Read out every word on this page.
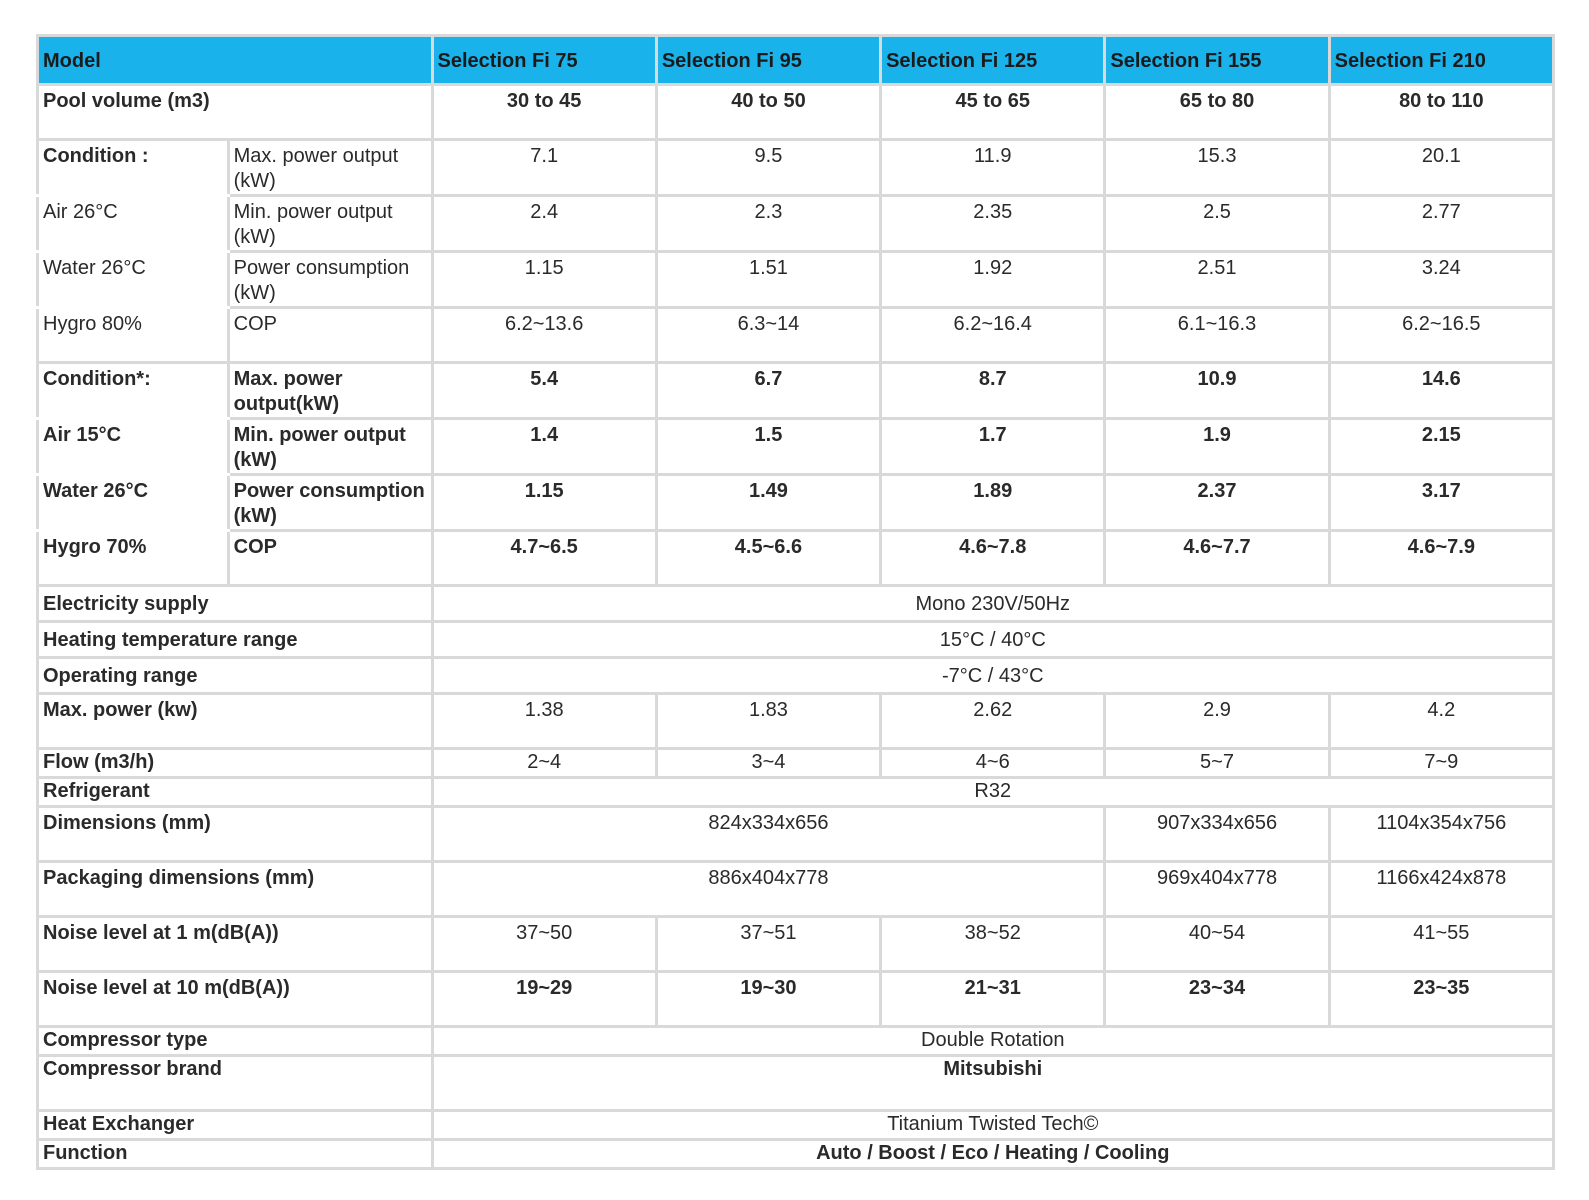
Model		Selection Fi 75	Selection Fi 95	Selection Fi 125	Selection Fi 155	Selection Fi 210
Pool volume (m3)		30 to 45	40 to 50	45 to 65	65 to 80	80 to 110
Condition :	Max. power output (kW)	7.1	9.5	11.9	15.3	20.1
Air 26°C	Min. power output (kW)	2.4	2.3	2.35	2.5	2.77
Water 26°C	Power consumption (kW)	1.15	1.51	1.92	2.51	3.24
Hygro 80%	COP	6.2~13.6	6.3~14	6.2~16.4	6.1~16.3	6.2~16.5
Condition*:	Max. power output(kW)	5.4	6.7	8.7	10.9	14.6
Air 15°C	Min. power output (kW)	1.4	1.5	1.7	1.9	2.15
Water 26°C	Power consumption (kW)	1.15	1.49	1.89	2.37	3.17
Hygro 70%	COP	4.7~6.5	4.5~6.6	4.6~7.8	4.6~7.7	4.6~7.9
Electricity supply		Mono 230V/50Hz				
Heating temperature range		15°C / 40°C				
Operating range		-7°C / 43°C				
Max. power (kw)		1.38	1.83	2.62	2.9	4.2
Flow (m3/h)		2~4	3~4	4~6	5~7	7~9
Refrigerant		R32				
Dimensions (mm)		824x334x656			907x334x656	1104x354x756
Packaging dimensions (mm)		886x404x778			969x404x778	1166x424x878
Noise level at 1 m(dB(A))		37~50	37~51	38~52	40~54	41~55
Noise level at 10 m(dB(A))		19~29	19~30	21~31	23~34	23~35
Compressor type		Double Rotation				
Compressor brand		Mitsubishi				
Heat Exchanger		Titanium Twisted Tech©				
Function		Auto / Boost / Eco / Heating / Cooling				
